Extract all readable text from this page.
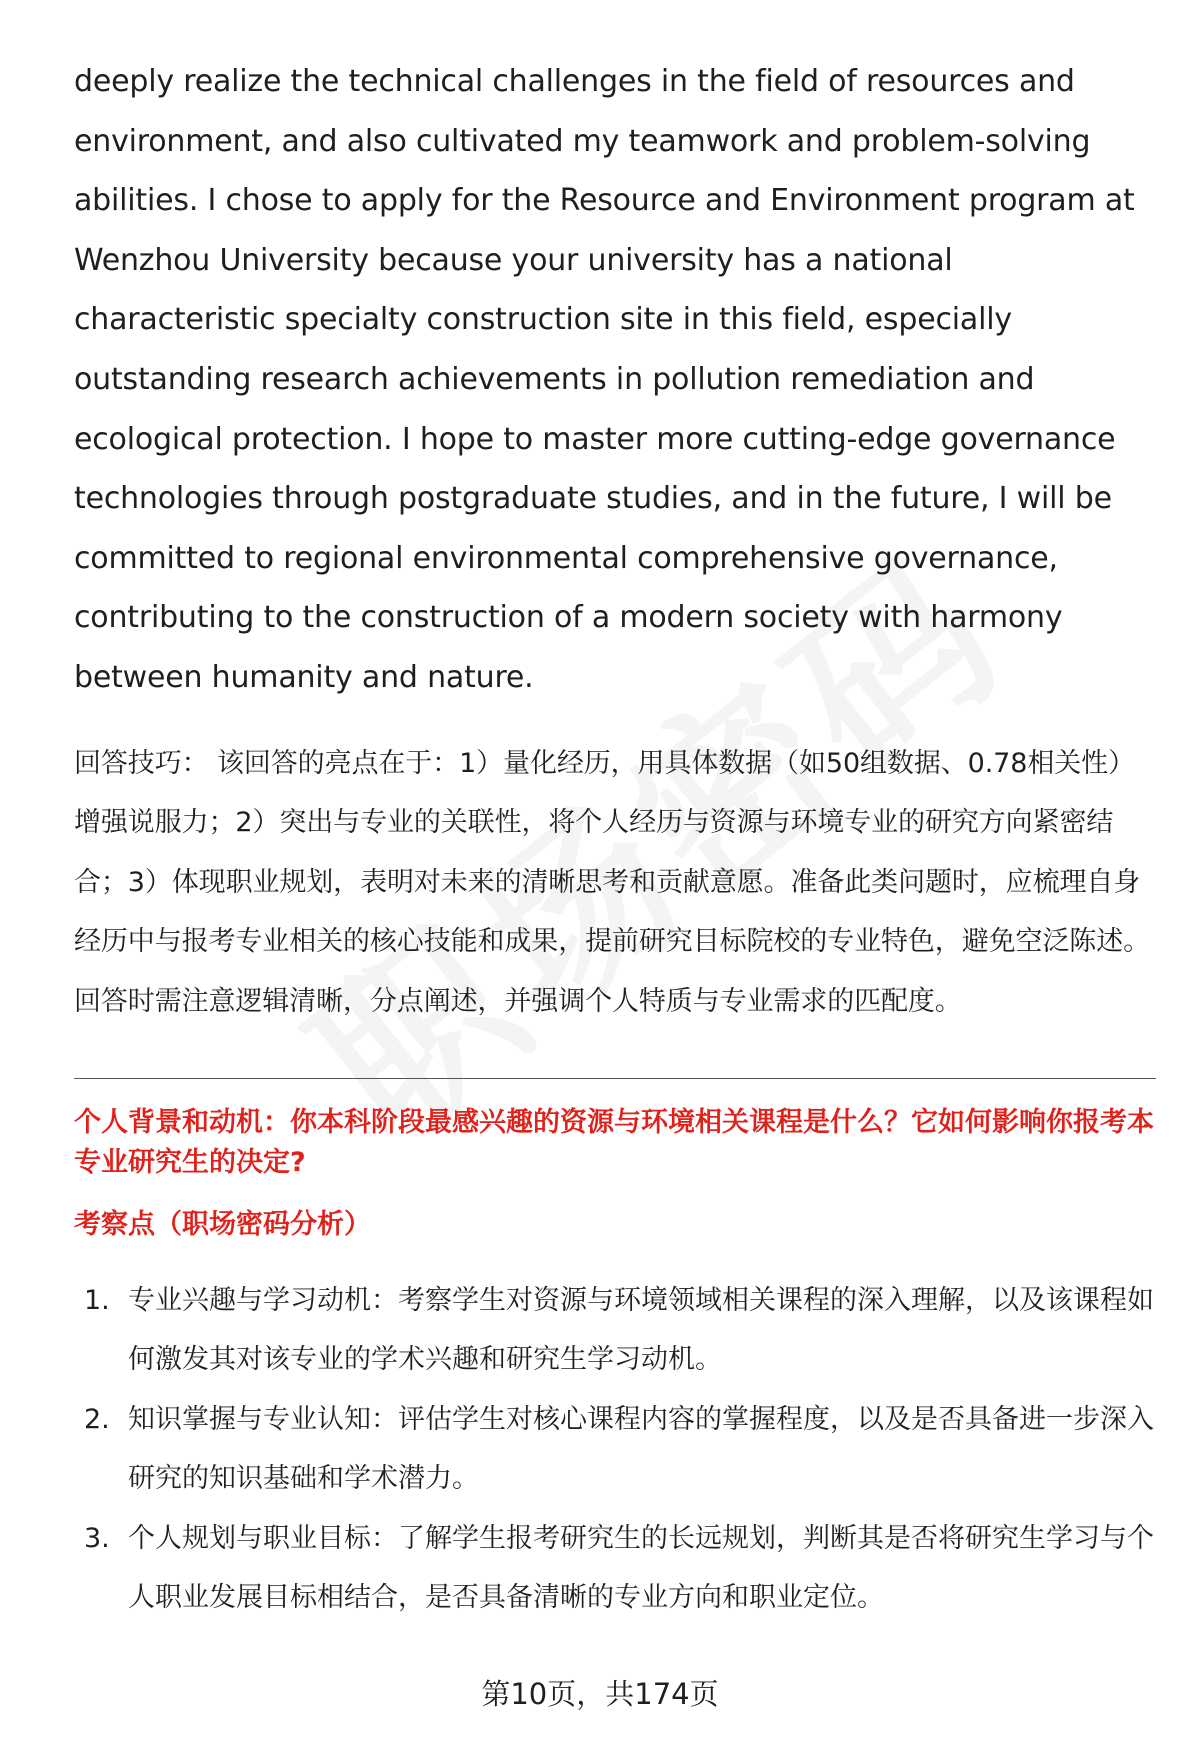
deeply realize the technical challenges in the field of resources and environment, and also cultivated my teamwork and problem-solving abilities. I chose to apply for the Resource and Environment program at Wenzhou University because your university has a national characteristic specialty construction site in this field, especially outstanding research achievements in pollution remediation and ecological protection. I hope to master more cutting-edge governance technologies through postgraduate studies, and in the future, I will be committed to regional environmental comprehensive governance, contributing to the construction of a modern society with harmony between humanity and nature.

回答技巧： 该回答的亮点在于：1）量化经历，用具体数据（如50组数据、0.78相关性）增强说服力；2）突出与专业的关联性，将个人经历与资源与环境专业的研究方向紧密结合；3）体现职业规划，表明对未来的清晰思考和贡献意愿。准备此类问题时，应梳理自身经历中与报考专业相关的核心技能和成果，提前研究目标院校的专业特色，避免空泛陈述。回答时需注意逻辑清晰，分点阐述，并强调个人特质与专业需求的匹配度。

个人背景和动机：你本科阶段最感兴趣的资源与环境相关课程是什么？它如何影响你报考本专业研究生的决定?
考察点（职场密码分析）
1. 专业兴趣与学习动机：考察学生对资源与环境领域相关课程的深入理解，以及该课程如何激发其对该专业的学术兴趣和研究生学习动机。
2. 知识掌握与专业认知：评估学生对核心课程内容的掌握程度，以及是否具备进一步深入研究的知识基础和学术潜力。
3. 个人规划与职业目标：了解学生报考研究生的长远规划，判断其是否将研究生学习与个人职业发展目标相结合，是否具备清晰的专业方向和职业定位。
第10页，共174页
